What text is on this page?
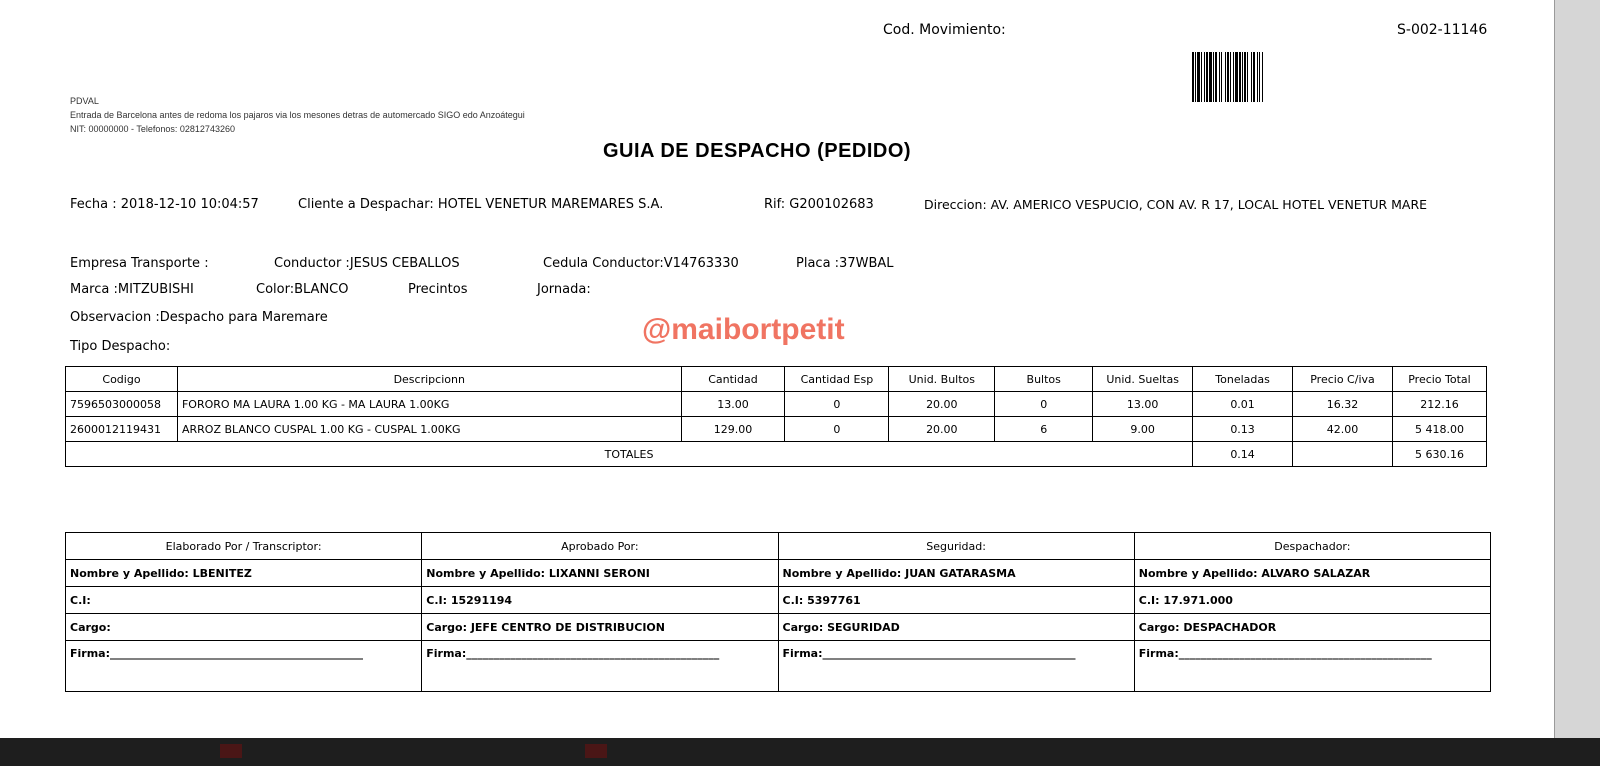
Cod. Movimiento:	S-002-11146
PDVAL
Entrada de Barcelona antes de redoma los pajaros via los mesones detras de automercado SIGO edo Anzoátegui
NIT: 00000000 - Telefonos: 02812743260
GUIA DE DESPACHO (PEDIDO)
Fecha : 2018-12-10 10:04:57	Cliente a Despachar: HOTEL VENETUR MAREMARES S.A.	Rif: G200102683	Direccion: AV. AMERICO VESPUCIO, CON AV. R 17, LOCAL HOTEL VENETUR MARE
Empresa Transporte :	Conductor :JESUS CEBALLOS	Cedula Conductor:V14763330	Placa :37WBAL
Marca :MITZUBISHI	Color:BLANCO	Precintos	Jornada:
Observacion :Despacho para Maremare
Tipo Despacho:
@maibortpetit
Codigo	Descripcionn	Cantidad	Cantidad Esp	Unid. Bultos	Bultos	Unid. Sueltas	Toneladas	Precio C/iva	Precio Total
7596503000058	FORORO MA LAURA 1.00 KG - MA LAURA 1.00KG	13.00	0	20.00	0	13.00	0.01	16.32	212.16
2600012119431	ARROZ BLANCO CUSPAL 1.00 KG - CUSPAL 1.00KG	129.00	0	20.00	6	9.00	0.13	42.00	5 418.00
TOTALES							0.14		5 630.16
Elaborado Por / Transcriptor:	Aprobado Por:	Seguridad:	Despachador:
Nombre y Apellido: LBENITEZ	Nombre y Apellido: LIXANNI SERONI	Nombre y Apellido: JUAN GATARASMA	Nombre y Apellido: ALVARO SALAZAR
C.I:	C.I: 15291194	C.I: 5397761	C.I: 17.971.000
Cargo:	Cargo: JEFE CENTRO DE DISTRIBUCION	Cargo: SEGURIDAD	Cargo: DESPACHADOR
Firma:______________________________________________	Firma:______________________________________________	Firma:______________________________________________	Firma:______________________________________________
